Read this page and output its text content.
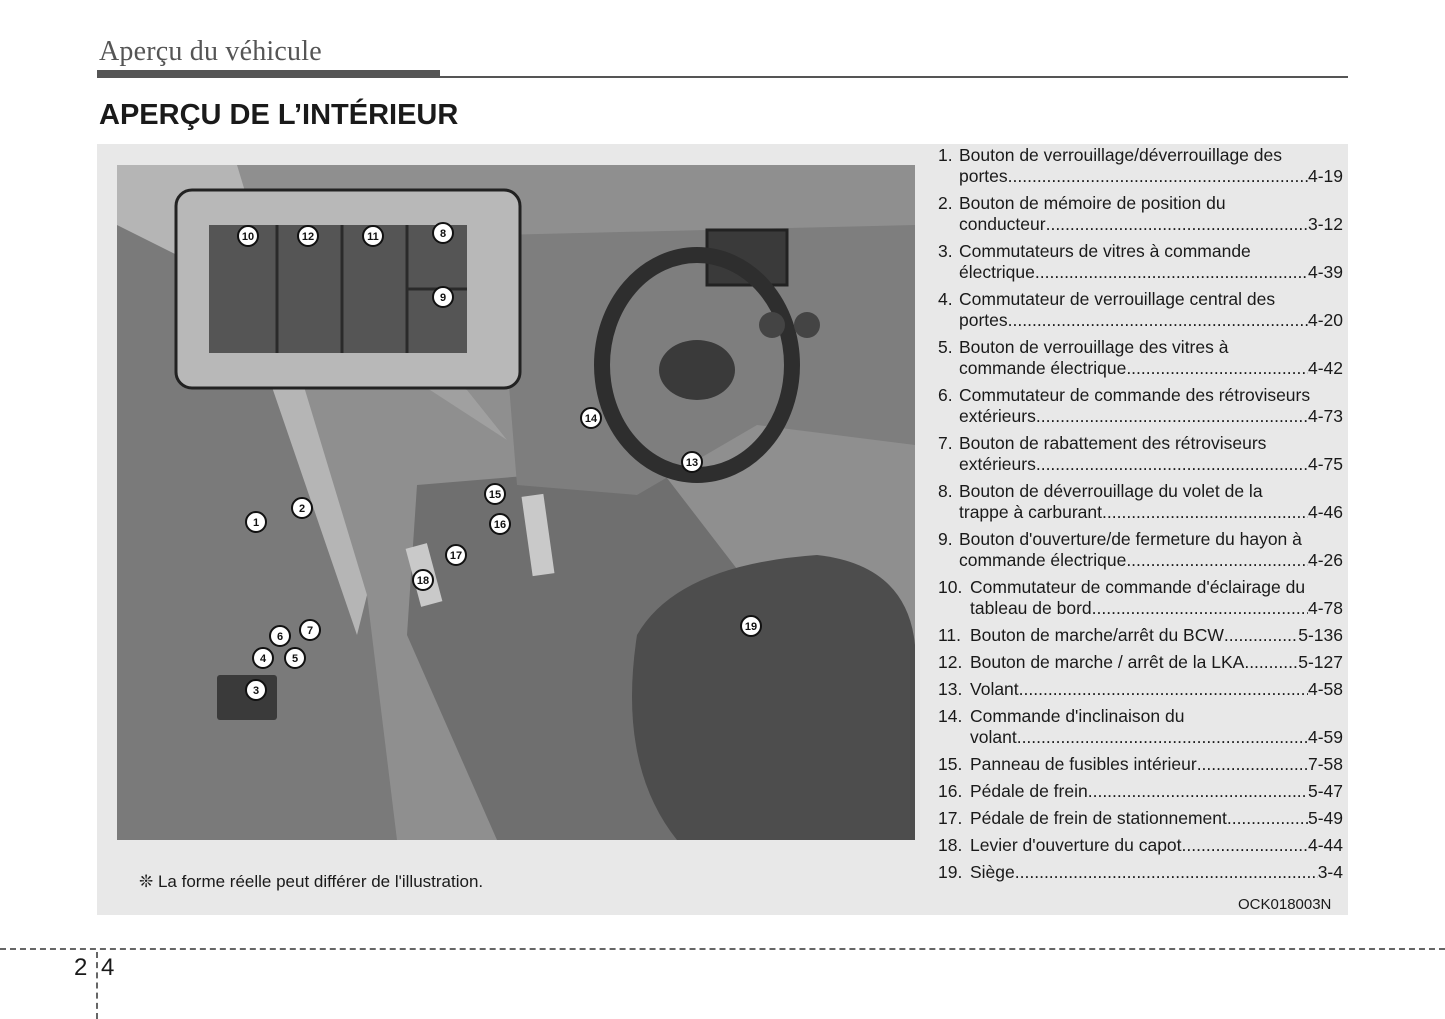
Aperçu du véhicule
APERÇU DE L’INTÉRIEUR
1
2
3
4 5
6 7
8
9
10	11
12
13
14
15
16
17
18
19
❊ La forme réelle peut différer de l'illustration.
1. Bouton de verrouillage/déverrouillage des
portes .....	4-19
2. Bouton de mémoire de position du
conducteur .....	3-12
3. Commutateurs de vitres à commande
électrique .....	4-39
4. Commutateur de verrouillage central des
portes .....	4-20
5. Bouton de verrouillage des vitres à
commande électrique .....	4-42
6. Commutateur de commande des rétroviseurs
extérieurs .....	4-73
7. Bouton de rabattement des rétroviseurs
extérieurs .....	4-75
8. Bouton de déverrouillage du volet de la
trappe à carburant .....	4-46
9. Bouton d'ouverture/de fermeture du hayon à
commande électrique .....	4-26
10. Commutateur de commande d'éclairage du
tableau de bord .....	4-78
11. Bouton de marche/arrêt du BCW .....	5-136
12. Bouton de marche / arrêt de la LKA .....	5-127
13. Volant .....	4-58
14. Commande d'inclinaison du
volant .....	4-59
15. Panneau de fusibles intérieur .....	7-58
16. Pédale de frein .....	5-47
17. Pédale de frein de stationnement .....	5-49
18. Levier d'ouverture du capot .....	4-44
19. Siège .....	3-4
OCK018003N
2 4
